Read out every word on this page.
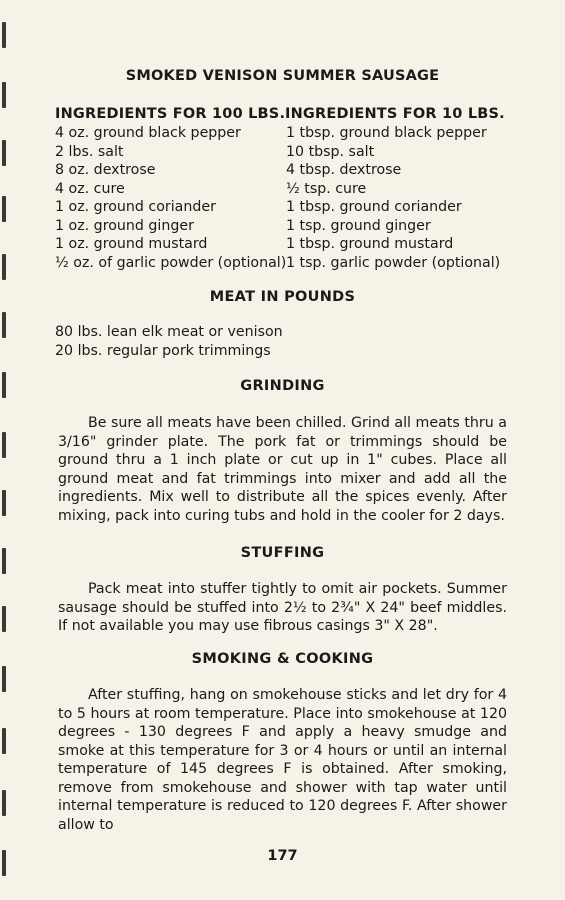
SMOKED VENISON SUMMER SAUSAGE
INGREDIENTS FOR 100 LBS. INGREDIENTS FOR 10 LBS.
4 oz. ground black pepper
2 lbs. salt
8 oz. dextrose
4 oz. cure
1 oz. ground coriander
1 oz. ground ginger
1 oz. ground mustard
½ oz. of garlic powder (optional)
1 tbsp. ground black pepper
10 tbsp. salt
4 tbsp. dextrose
½ tsp. cure
1 tbsp. ground coriander
1 tsp. ground ginger
1 tbsp. ground mustard
1 tsp. garlic powder (optional)
MEAT IN POUNDS
80 lbs. lean elk meat or venison
20 lbs. regular pork trimmings
GRINDING

Be sure all meats have been chilled. Grind all meats thru a 3/16" grinder plate. The pork fat or trimmings should be ground thru a 1 inch plate or cut up in 1" cubes. Place all ground meat and fat trimmings into mixer and add all the ingredients. Mix well to distribute all the spices evenly. After mixing, pack into curing tubs and hold in the cooler for 2 days.

STUFFING

Pack meat into stuffer tightly to omit air pockets. Summer sausage should be stuffed into 2½ to 2¾" X 24" beef middles. If not available you may use fibrous casings 3" X 28".

SMOKING & COOKING

After stuffing, hang on smokehouse sticks and let dry for 4 to 5 hours at room temperature. Place into smokehouse at 120 degrees - 130 degrees F and apply a heavy smudge and smoke at this temperature for 3 or 4 hours or until an internal temperature of 145 degrees F is obtained. After smoking, remove from smokehouse and shower with tap water until internal temperature is reduced to 120 degrees F. After shower allow to

177
